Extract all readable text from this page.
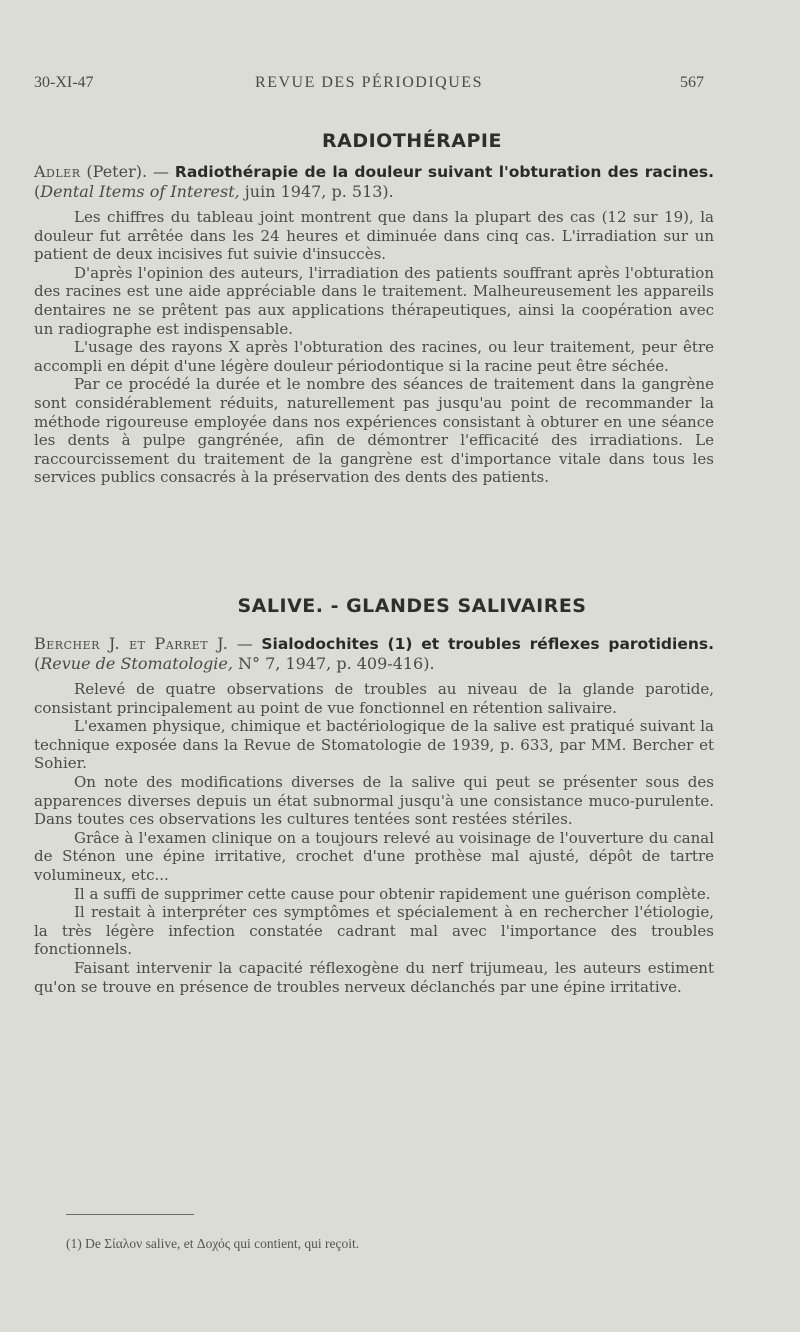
30-XI-47	REVUE DES PÉRIODIQUES	567
RADIOTHÉRAPIE

Adler (Peter). — Radiothérapie de la douleur suivant l'obturation des racines. (Dental Items of Interest, juin 1947, p. 513).

Les chiffres du tableau joint montrent que dans la plupart des cas (12 sur 19), la douleur fut arrêtée dans les 24 heures et diminuée dans cinq cas. L'irradiation sur un patient de deux incisives fut suivie d'insuccès.

D'après l'opinion des auteurs, l'irradiation des patients souffrant après l'obturation des racines est une aide appréciable dans le traitement. Malheureusement les appareils dentaires ne se prêtent pas aux applications thérapeutiques, ainsi la coopération avec un radiographe est indispensable.

L'usage des rayons X après l'obturation des racines, ou leur traitement, peur être accompli en dépit d'une légère douleur périodontique si la racine peut être séchée.

Par ce procédé la durée et le nombre des séances de traitement dans la gangrène sont considérablement réduits, naturellement pas jusqu'au point de recommander la méthode rigoureuse employée dans nos expériences consistant à obturer en une séance les dents à pulpe gangrénée, afin de démontrer l'efficacité des irradiations. Le raccourcissement du traitement de la gangrène est d'importance vitale dans tous les services publics consacrés à la préservation des dents des patients.

SALIVE. - GLANDES SALIVAIRES

Bercher J. et Parret J. — Sialodochites (1) et troubles réflexes parotidiens. (Revue de Stomatologie, N° 7, 1947, p. 409-416).

Relevé de quatre observations de troubles au niveau de la glande parotide, consistant principalement au point de vue fonctionnel en rétention salivaire.

L'examen physique, chimique et bactériologique de la salive est pratiqué suivant la technique exposée dans la Revue de Stomatologie de 1939, p. 633, par MM. Bercher et Sohier.

On note des modifications diverses de la salive qui peut se présenter sous des apparences diverses depuis un état subnormal jusqu'à une consistance muco-purulente. Dans toutes ces observations les cultures tentées sont restées stériles.

Grâce à l'examen clinique on a toujours relevé au voisinage de l'ouverture du canal de Sténon une épine irritative, crochet d'une prothèse mal ajusté, dépôt de tartre volumineux, etc...

Il a suffi de supprimer cette cause pour obtenir rapidement une guérison complète.

Il restait à interpréter ces symptômes et spécialement à en rechercher l'étiologie, la très légère infection constatée cadrant mal avec l'importance des troubles fonctionnels.

Faisant intervenir la capacité réflexogène du nerf trijumeau, les auteurs estiment qu'on se trouve en présence de troubles nerveux déclanchés par une épine irritative.

(1) De Σίαλον salive, et Δοχός qui contient, qui reçoit.
